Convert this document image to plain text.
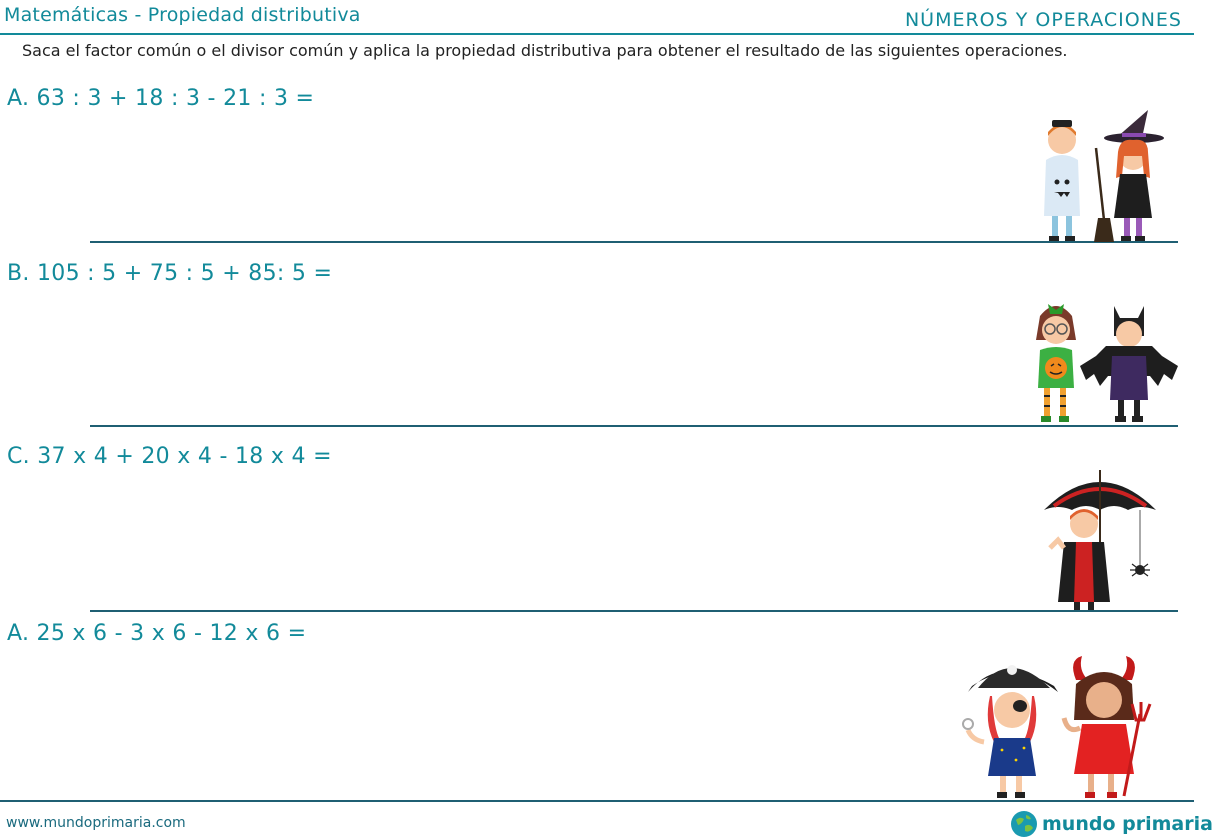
Matemáticas - Propiedad distributiva	NÚMEROS Y OPERACIONES
Saca el factor común o el divisor común y aplica la propiedad distributiva para obtener el resultado de las siguientes operaciones.
A. 63 : 3 + 18 : 3 - 21 : 3 =
B. 105 : 5 + 75 : 5 + 85: 5 =
C. 37 x 4 + 20 x 4 - 18 x 4 =
A. 25 x 6 - 3 x 6 - 12 x 6 =
www.mundoprimaria.com	mundo primaria
